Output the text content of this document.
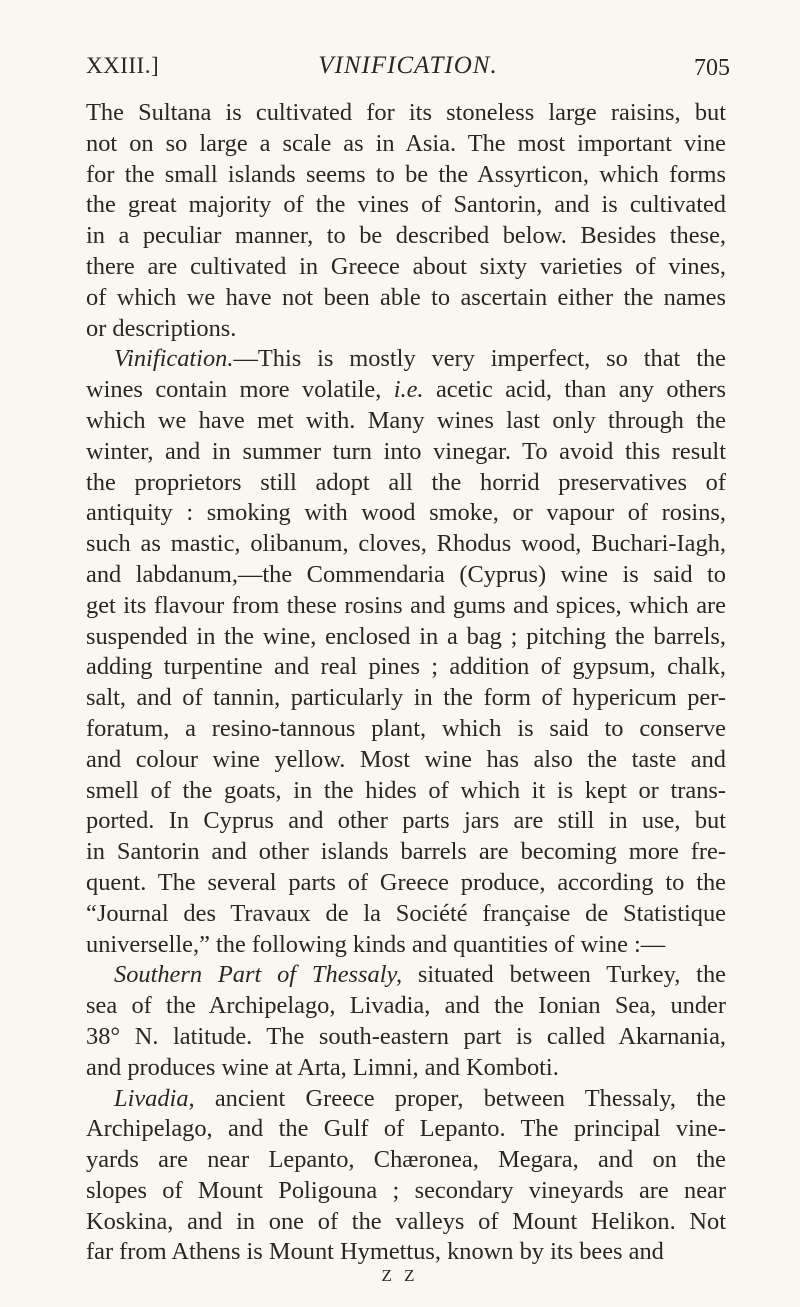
XXIII.]	VINIFICATION.	705
The Sultana is cultivated for its stoneless large raisins, but
not on so large a scale as in Asia. The most important vine
for the small islands seems to be the Assyrticon, which forms
the great majority of the vines of Santorin, and is cultivated
in a peculiar manner, to be described below. Besides these,
there are cultivated in Greece about sixty varieties of vines,
of which we have not been able to ascertain either the names
or descriptions.
Vinification.—This is mostly very imperfect, so that the
wines contain more volatile, i.e. acetic acid, than any others
which we have met with. Many wines last only through the
winter, and in summer turn into vinegar. To avoid this result
the proprietors still adopt all the horrid preservatives of
antiquity : smoking with wood smoke, or vapour of rosins,
such as mastic, olibanum, cloves, Rhodus wood, Buchari-Iagh,
and labdanum,—the Commendaria (Cyprus) wine is said to
get its flavour from these rosins and gums and spices, which are
suspended in the wine, enclosed in a bag ; pitching the barrels,
adding turpentine and real pines ; addition of gypsum, chalk,
salt, and of tannin, particularly in the form of hypericum per-
foratum, a resino-tannous plant, which is said to conserve
and colour wine yellow. Most wine has also the taste and
smell of the goats, in the hides of which it is kept or trans-
ported. In Cyprus and other parts jars are still in use, but
in Santorin and other islands barrels are becoming more fre-
quent. The several parts of Greece produce, according to the
“Journal des Travaux de la Société française de Statistique
universelle,” the following kinds and quantities of wine :—
Southern Part of Thessaly, situated between Turkey, the
sea of the Archipelago, Livadia, and the Ionian Sea, under
38° N. latitude. The south-eastern part is called Akarnania,
and produces wine at Arta, Limni, and Komboti.
Livadia, ancient Greece proper, between Thessaly, the
Archipelago, and the Gulf of Lepanto. The principal vine-
yards are near Lepanto, Chæronea, Megara, and on the
slopes of Mount Poligouna ; secondary vineyards are near
Koskina, and in one of the valleys of Mount Helikon. Not
far from Athens is Mount Hymettus, known by its bees and
Z Z
